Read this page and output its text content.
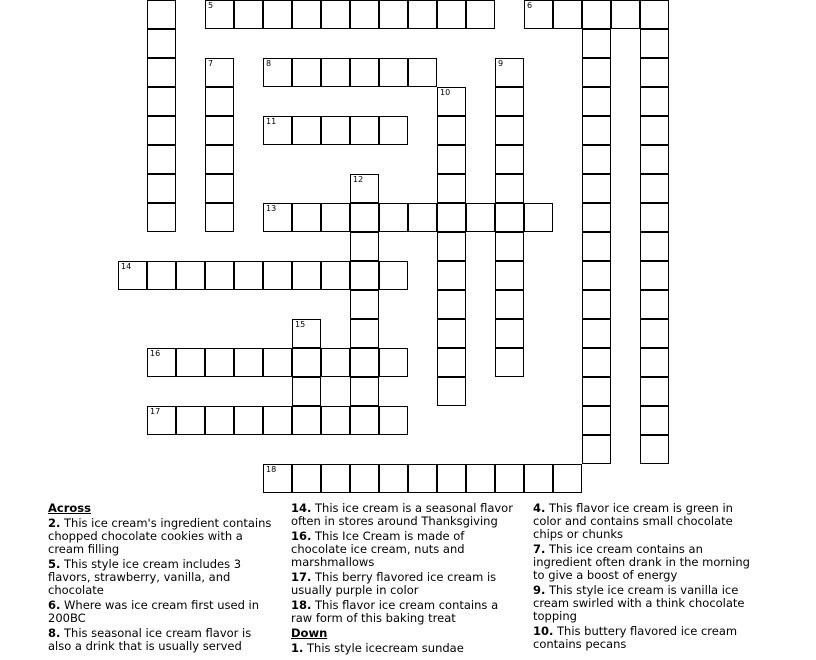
5	6
7	8	9
10
11
12
13
14
15
16
17
18
Across
2. This ice cream's ingredient contains chopped chocolate cookies with a cream filling
5. This style ice cream includes 3 flavors, strawberry, vanilla, and chocolate
6. Where was ice cream first used in 200BC
8. This seasonal ice cream flavor is also a drink that is usually served
14. This ice cream is a seasonal flavor often in stores around Thanksgiving
16. This Ice Cream is made of chocolate ice cream, nuts and marshmallows
17. This berry flavored ice cream is usually purple in color
18. This flavor ice cream contains a raw form of this baking treat
Down
1. This style icecream sundae
4. This flavor ice cream is green in color and contains small chocolate chips or chunks
7. This ice cream contains an ingredient often drank in the morning to give a boost of energy
9. This style ice cream is vanilla ice cream swirled with a think chocolate topping
10. This buttery flavored ice cream contains pecans
